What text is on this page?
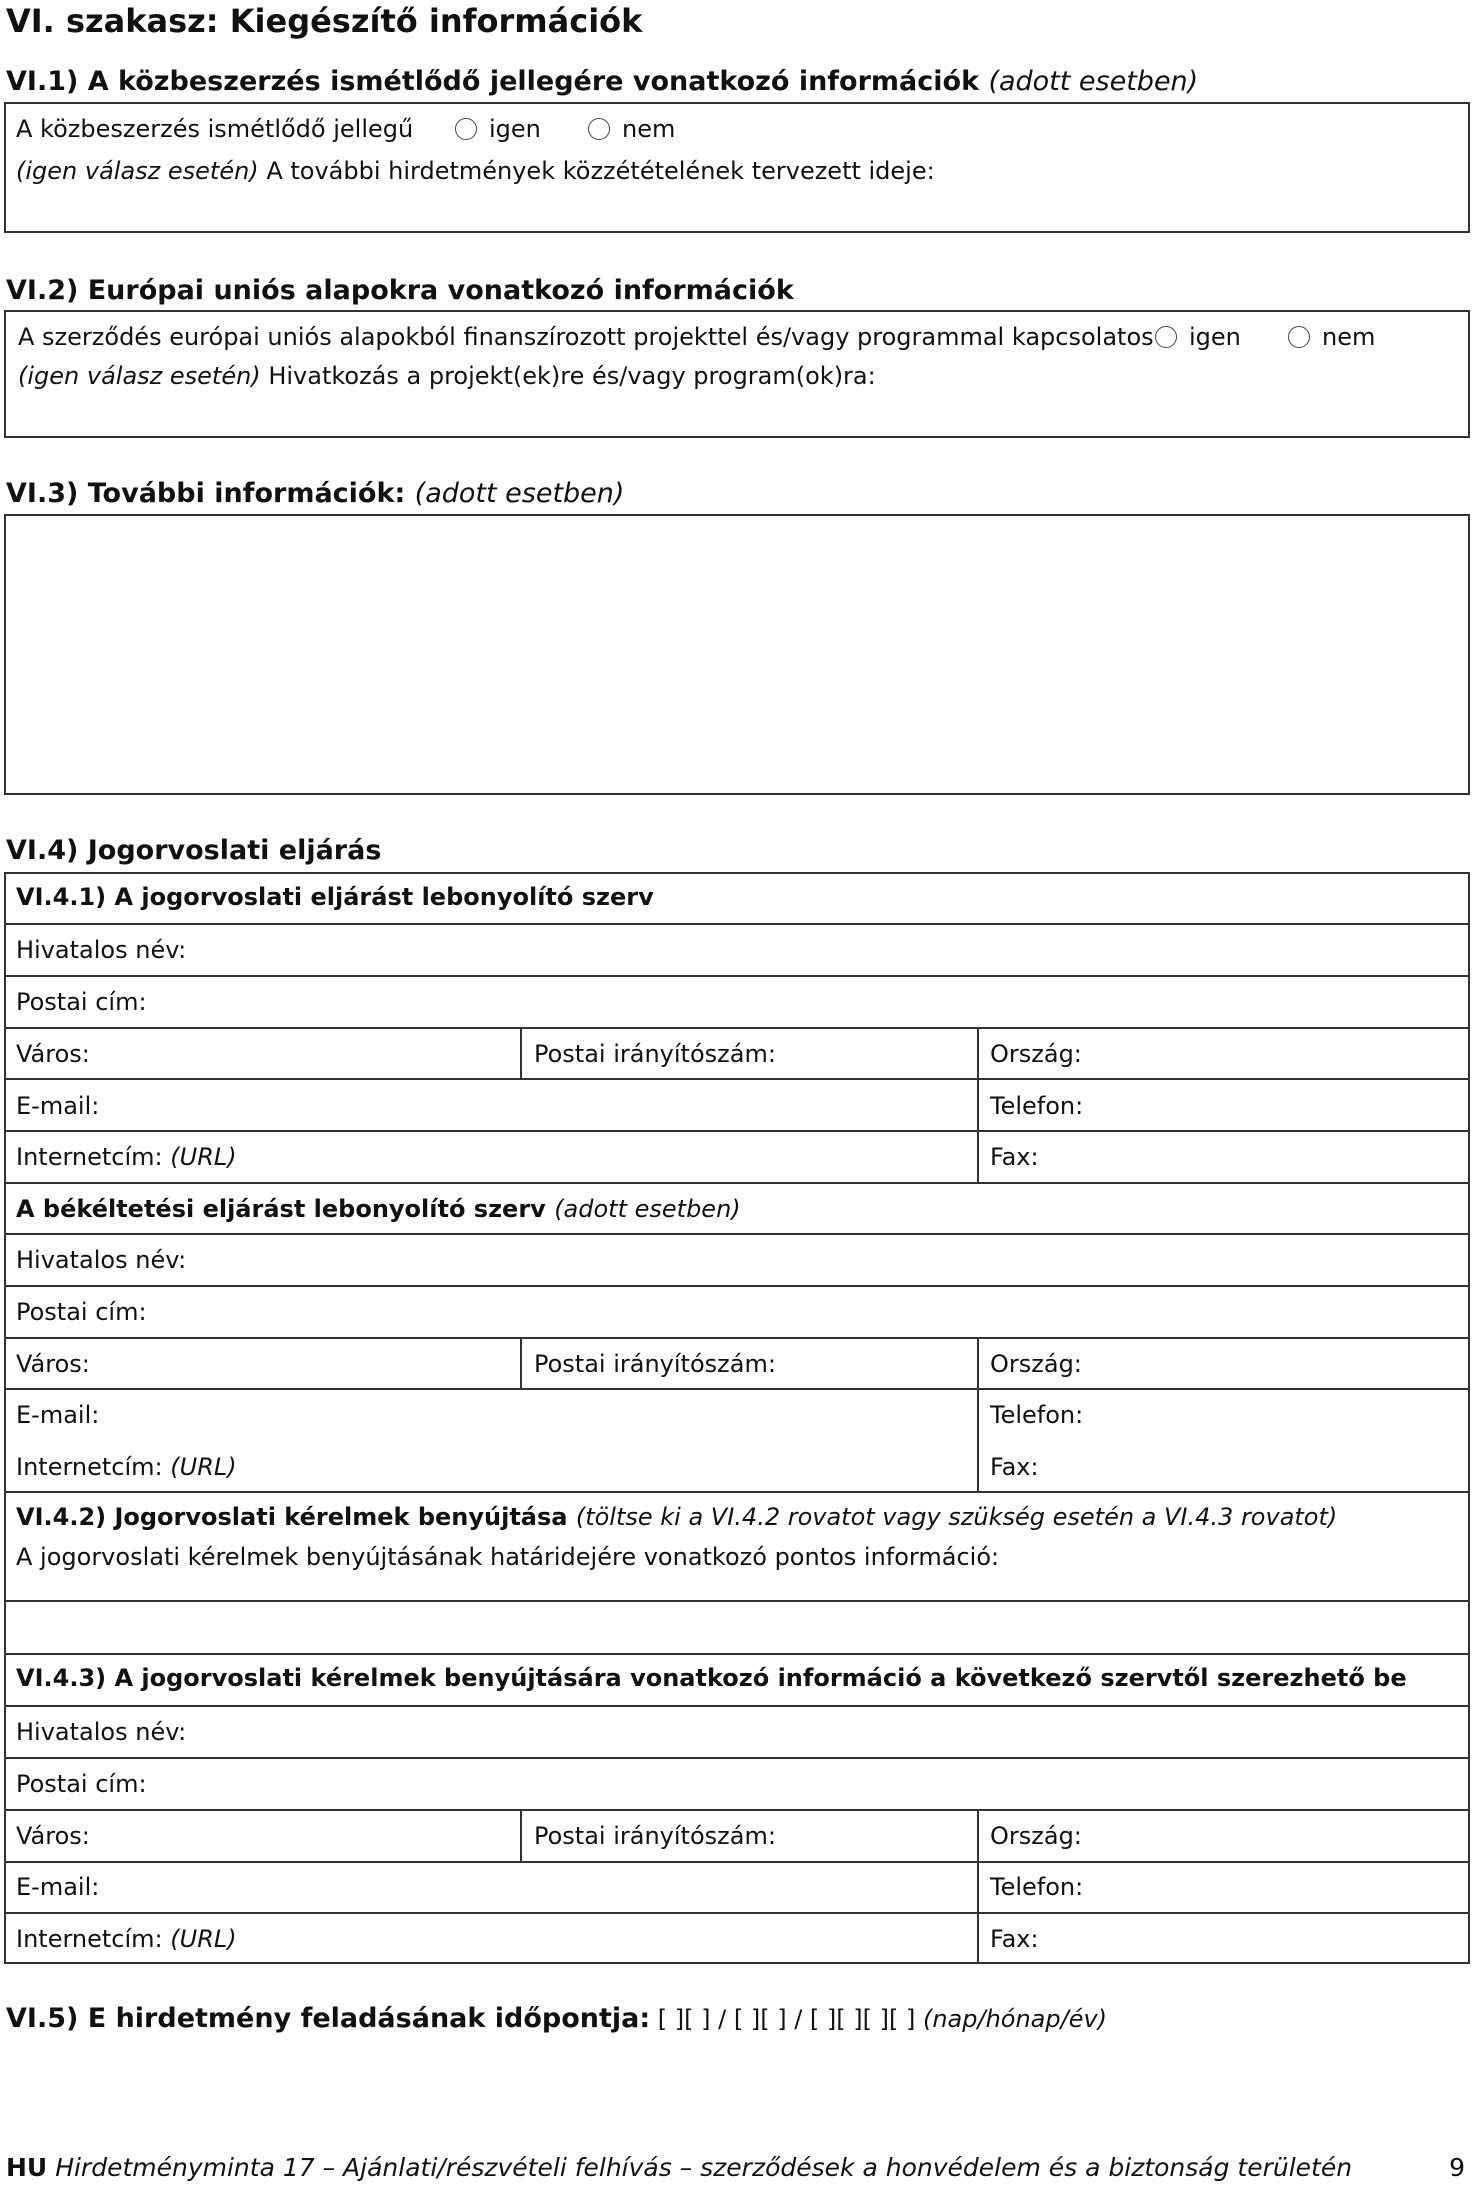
VI. szakasz: Kiegészítő információk
VI.1) A közbeszerzés ismétlődő jellegére vonatkozó információk (adott esetben)
A közbeszerzés ismétlődő jellegű	igen	nem
(igen válasz esetén) A további hirdetmények közzétételének tervezett ideje:
VI.2) Európai uniós alapokra vonatkozó információk
A szerződés európai uniós alapokból finanszírozott projekttel és/vagy programmal kapcsolatos	igen	nem
(igen válasz esetén) Hivatkozás a projekt(ek)re és/vagy program(ok)ra:
VI.3) További információk: (adott esetben)
VI.4) Jogorvoslati eljárás
VI.4.1) A jogorvoslati eljárást lebonyolító szerv
Hivatalos név:
Postai cím:
Város:	Postai irányítószám:	Ország:
E-mail:	Telefon:
Internetcím: (URL)	Fax:
A békéltetési eljárást lebonyolító szerv (adott esetben)
Hivatalos név:
Postai cím:
Város:	Postai irányítószám:	Ország:
E-mail:	Telefon:
Internetcím: (URL)	Fax:
VI.4.2) Jogorvoslati kérelmek benyújtása (töltse ki a VI.4.2 rovatot vagy szükség esetén a VI.4.3 rovatot)
A jogorvoslati kérelmek benyújtásának határidejére vonatkozó pontos információ:
VI.4.3) A jogorvoslati kérelmek benyújtására vonatkozó információ a következő szervtől szerezhető be
Hivatalos név:
Postai cím:
Város:	Postai irányítószám:	Ország:
E-mail:	Telefon:
Internetcím: (URL)	Fax:
VI.5) E hirdetmény feladásának időpontja: [ ][ ] / [ ][ ] / [ ][ ][ ][ ] (nap/hónap/év)
HU Hirdetményminta 17 – Ajánlati/részvételi felhívás – szerződések a honvédelem és a biztonság területén	9
